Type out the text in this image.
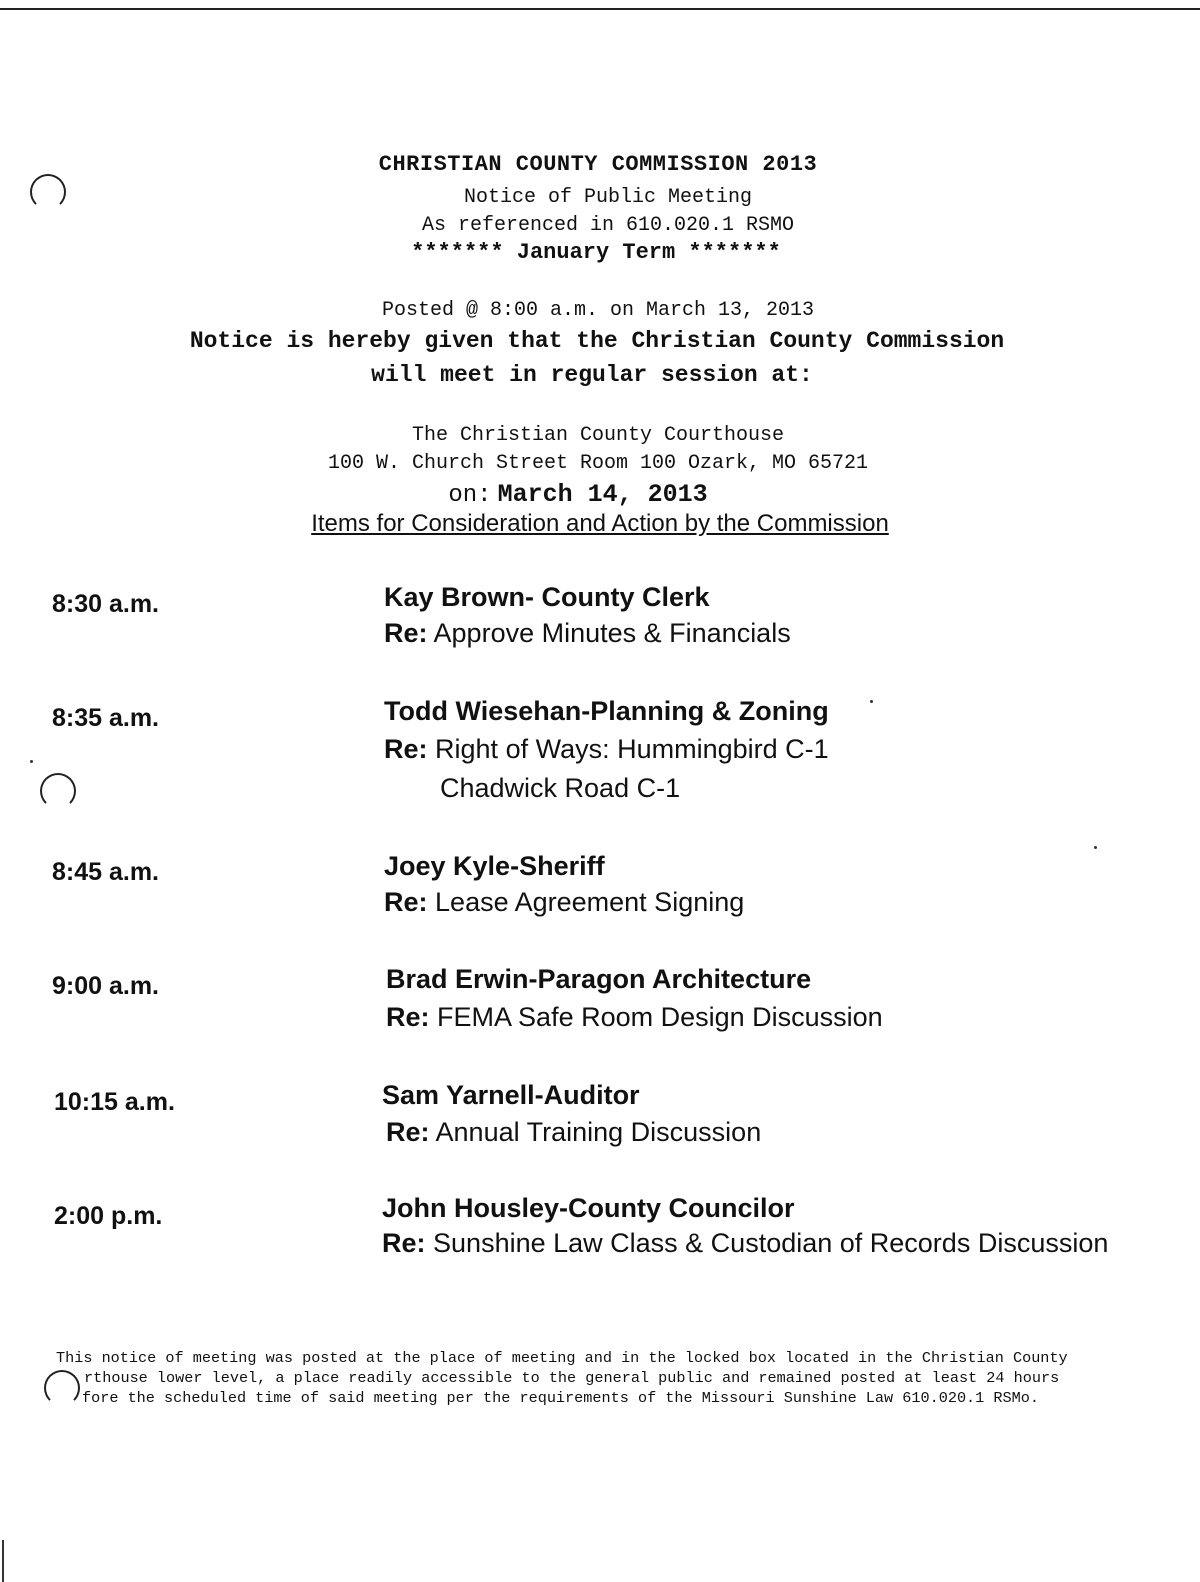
CHRISTIAN COUNTY COMMISSION 2013
Notice of Public Meeting
As referenced in 610.020.1 RSMO
******* January Term *******
Posted @ 8:00 a.m. on March 13, 2013
Notice is hereby given that the Christian County Commission
will meet in regular session at:
The Christian County Courthouse
100 W. Church Street Room 100 Ozark, MO 65721
on: March 14, 2013
Items for Consideration and Action by the Commission
8:30 a.m.	Kay Brown- County Clerk
Re: Approve Minutes & Financials
8:35 a.m.	Todd Wiesehan-Planning & Zoning
Re: Right of Ways: Hummingbird C-1
Chadwick Road C-1
8:45 a.m.	Joey Kyle-Sheriff
Re: Lease Agreement Signing
9:00 a.m.	Brad Erwin-Paragon Architecture
Re: FEMA Safe Room Design Discussion
10:15 a.m.	Sam Yarnell-Auditor
Re: Annual Training Discussion
2:00 p.m.	John Housley-County Councilor
Re: Sunshine Law Class & Custodian of Records Discussion
This notice of meeting was posted at the place of meeting and in the locked box located in the Christian County
rthouse lower level, a place readily accessible to the general public and remained posted at least 24 hours
fore the scheduled time of said meeting per the requirements of the Missouri Sunshine Law 610.020.1 RSMo.
